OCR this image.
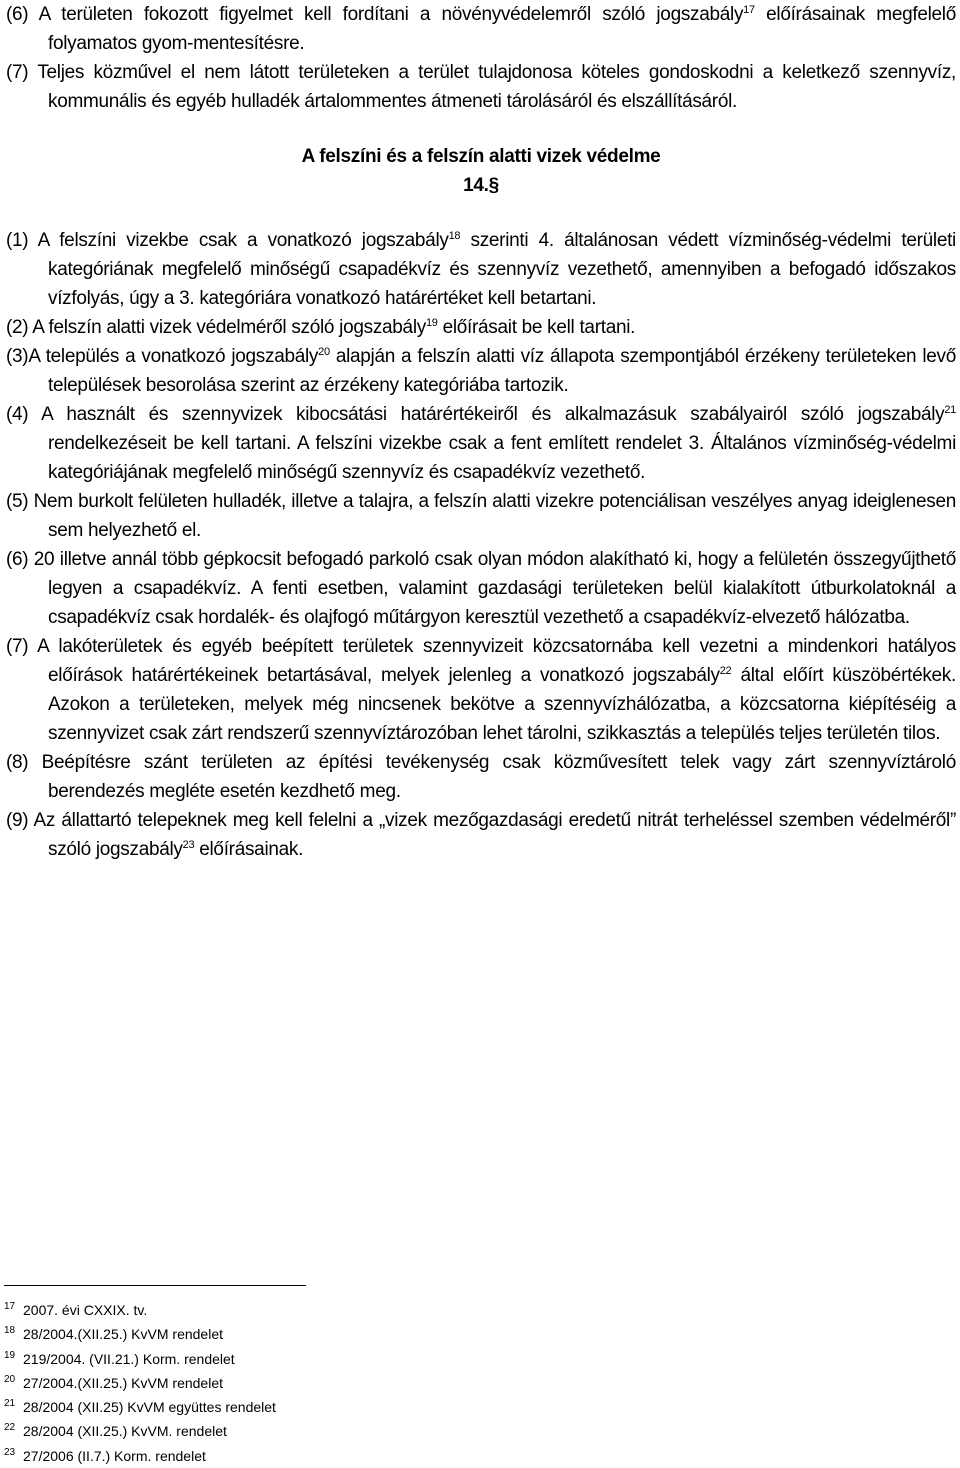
(6) A területen fokozott figyelmet kell fordítani a növényvédelemről szóló jogszabály$^{17}$ előírásainak megfelelő folyamatos gyom-mentesítésre.

(7) Teljes közművel el nem látott területeken a terület tulajdonosa köteles gondoskodni a keletkező szennyvíz, kommunális és egyéb hulladék ártalommentes átmeneti tárolásáról és elszállításáról.

A felszíni és a felszín alatti vizek védelme

14.§

(1) A felszíni vizekbe csak a vonatkozó jogszabály$^{18}$ szerinti 4. általánosan védett vízminőség-védelmi területi kategóriának megfelelő minőségű csapadékvíz és szennyvíz vezethető, amennyiben a befogadó időszakos vízfolyás, úgy a 3. kategóriára vonatkozó határértéket kell betartani.

(2) A felszín alatti vizek védelméről szóló jogszabály$^{19}$ előírásait be kell tartani.

(3)A település a vonatkozó jogszabály$^{20}$ alapján a felszín alatti víz állapota szempontjából érzékeny területeken levő települések besorolása szerint az érzékeny kategóriába tartozik.

(4) A használt és szennyvizek kibocsátási határértékeiről és alkalmazásuk szabályairól szóló jogszabály$^{21}$ rendelkezéseit be kell tartani. A felszíni vizekbe csak a fent említett rendelet 3. Általános vízminőség-védelmi kategóriájának megfelelő minőségű szennyvíz és csapadékvíz vezethető.

(5) Nem burkolt felületen hulladék, illetve a talajra, a felszín alatti vizekre potenciálisan veszélyes anyag ideiglenesen sem helyezhető el.

(6) 20 illetve annál több gépkocsit befogadó parkoló csak olyan módon alakítható ki, hogy a felületén összegyűjthető legyen a csapadékvíz. A fenti esetben, valamint gazdasági területeken belül kialakított útburkolatoknál a csapadékvíz csak hordalék- és olajfogó műtárgyon keresztül vezethető a csapadékvíz-elvezető hálózatba.

(7) A lakóterületek és egyéb beépített területek szennyvizeit közcsatornába kell vezetni a mindenkori hatályos előírások határértékeinek betartásával, melyek jelenleg a vonatkozó jogszabály$^{22}$ által előírt küszöbértékek. Azokon a területeken, melyek még nincsenek bekötve a szennyvízhálózatba, a közcsatorna kiépítéséig a szennyvizet csak zárt rendszerű szennyvíztározóban lehet tárolni, szikkasztás a település teljes területén tilos.

(8) Beépítésre szánt területen az építési tevékenység csak közművesített telek vagy zárt szennyvíztároló berendezés megléte esetén kezdhető meg.

(9) Az állattartó telepeknek meg kell felelni a „vizek mezőgazdasági eredetű nitrát terheléssel szemben védelméről” szóló jogszabály$^{23}$ előírásainak.

$^{17}$ 2007. évi CXXIX. tv.

$^{18}$ 28/2004.(XII.25.) KvVM rendelet

$^{19}$ 219/2004. (VII.21.) Korm. rendelet

$^{20}$ 27/2004.(XII.25.) KvVM rendelet

$^{21}$ 28/2004 (XII.25) KvVM együttes rendelet

$^{22}$ 28/2004 (XII.25.) KvVM. rendelet

$^{23}$ 27/2006 (II.7.) Korm. rendelet
